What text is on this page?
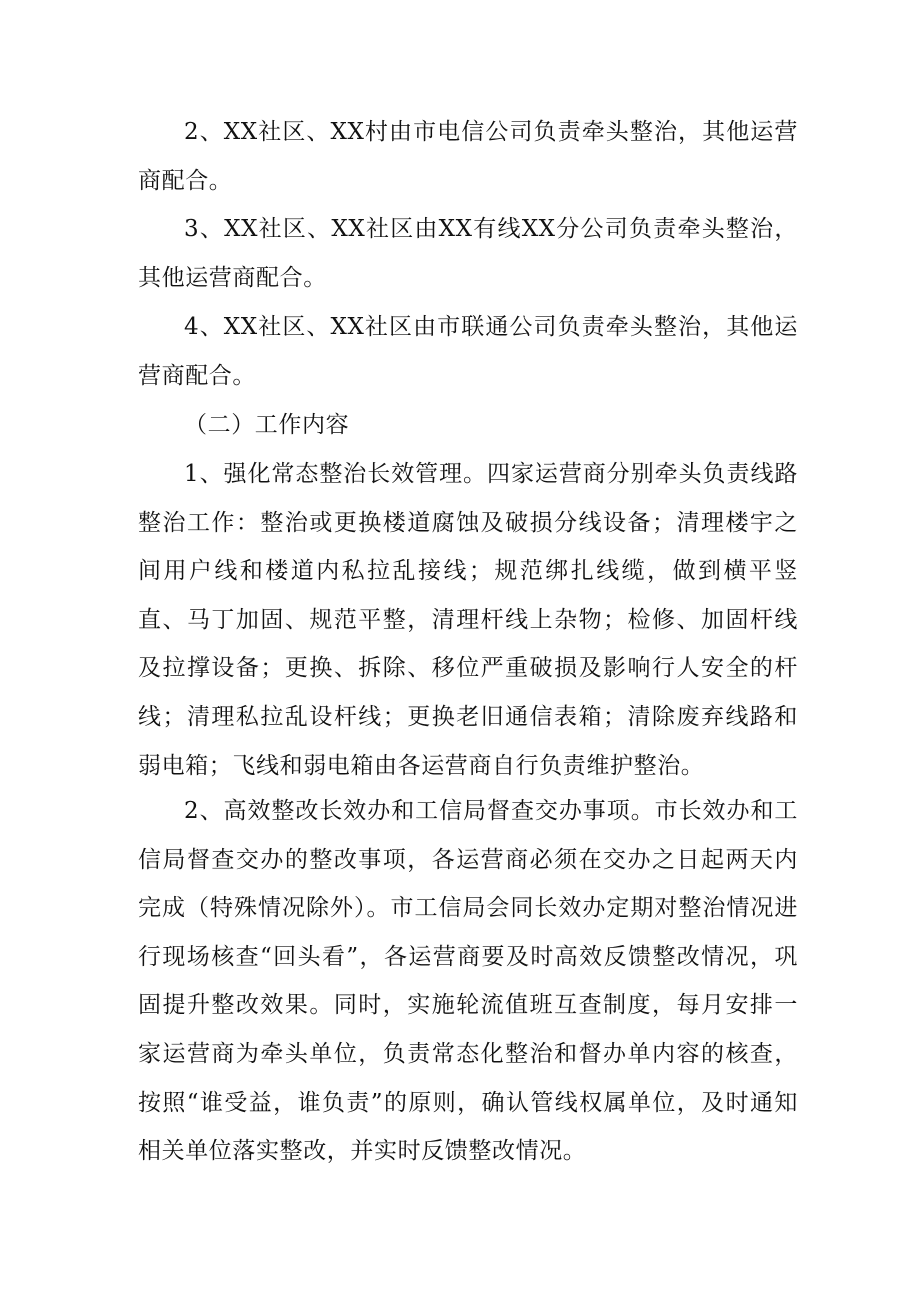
2、XX社区、XX村由市电信公司负责牵头整治，其他运营商配合。

3、XX社区、XX社区由XX有线XX分公司负责牵头整治，其他运营商配合。

4、XX社区、XX社区由市联通公司负责牵头整治，其他运营商配合。

（二）工作内容

1、强化常态整治长效管理。四家运营商分别牵头负责线路整治工作：整治或更换楼道腐蚀及破损分线设备；清理楼宇之间用户线和楼道内私拉乱接线；规范绑扎线缆，做到横平竖直、马丁加固、规范平整，清理杆线上杂物；检修、加固杆线及拉撑设备；更换、拆除、移位严重破损及影响行人安全的杆线；清理私拉乱设杆线；更换老旧通信表箱；清除废弃线路和弱电箱；飞线和弱电箱由各运营商自行负责维护整治。

2、高效整改长效办和工信局督查交办事项。市长效办和工信局督查交办的整改事项，各运营商必须在交办之日起两天内完成（特殊情况除外）。市工信局会同长效办定期对整治情况进行现场核查“回头看”，各运营商要及时高效反馈整改情况，巩固提升整改效果。同时，实施轮流值班互查制度，每月安排一家运营商为牵头单位，负责常态化整治和督办单内容的核查，按照“谁受益，谁负责”的原则，确认管线权属单位，及时通知相关单位落实整改，并实时反馈整改情况。
